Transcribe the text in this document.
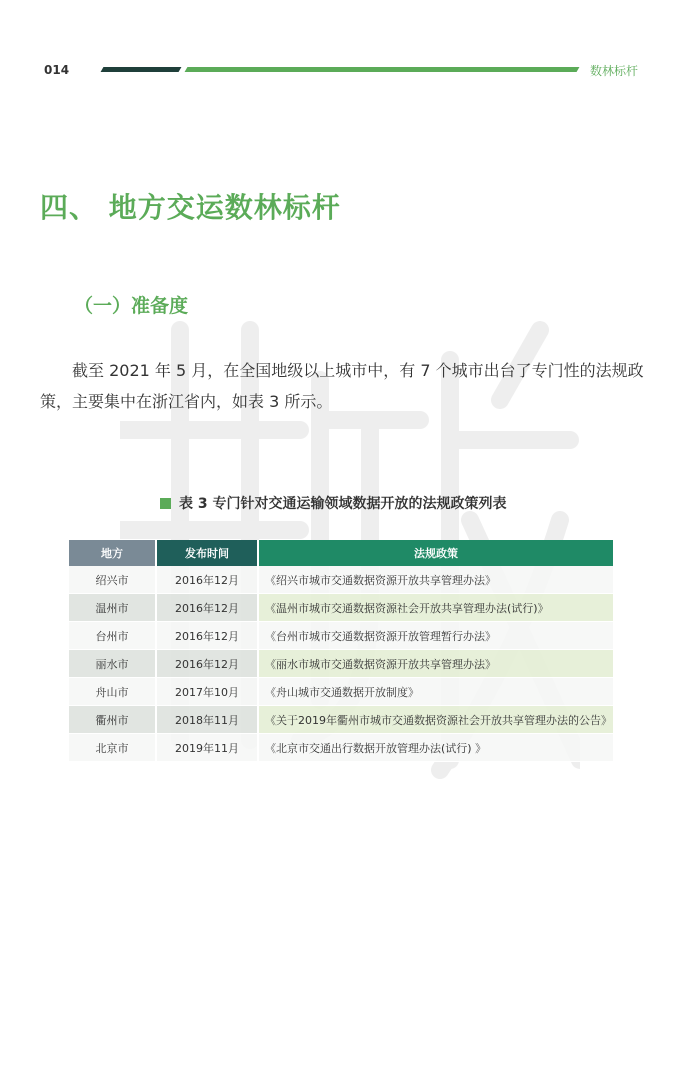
014	数林标杆
四、 地方交运数林标杆
（一）准备度
截至 2021 年 5 月，在全国地级以上城市中，有 7 个城市出台了专门性的法规政策，主要集中在浙江省内，如表 3 所示。
表 3 专门针对交通运输领域数据开放的法规政策列表
地方	发布时间	法规政策
绍兴市	2016年12月	《绍兴市城市交通数据资源开放共享管理办法》
温州市	2016年12月	《温州市城市交通数据资源社会开放共享管理办法(试行)》
台州市	2016年12月	《台州市城市交通数据资源开放管理暂行办法》
丽水市	2016年12月	《丽水市城市交通数据资源开放共享管理办法》
舟山市	2017年10月	《舟山城市交通数据开放制度》
衢州市	2018年11月	《关于2019年衢州市城市交通数据资源社会开放共享管理办法的公告》
北京市	2019年11月	《北京市交通出行数据开放管理办法(试行) 》
